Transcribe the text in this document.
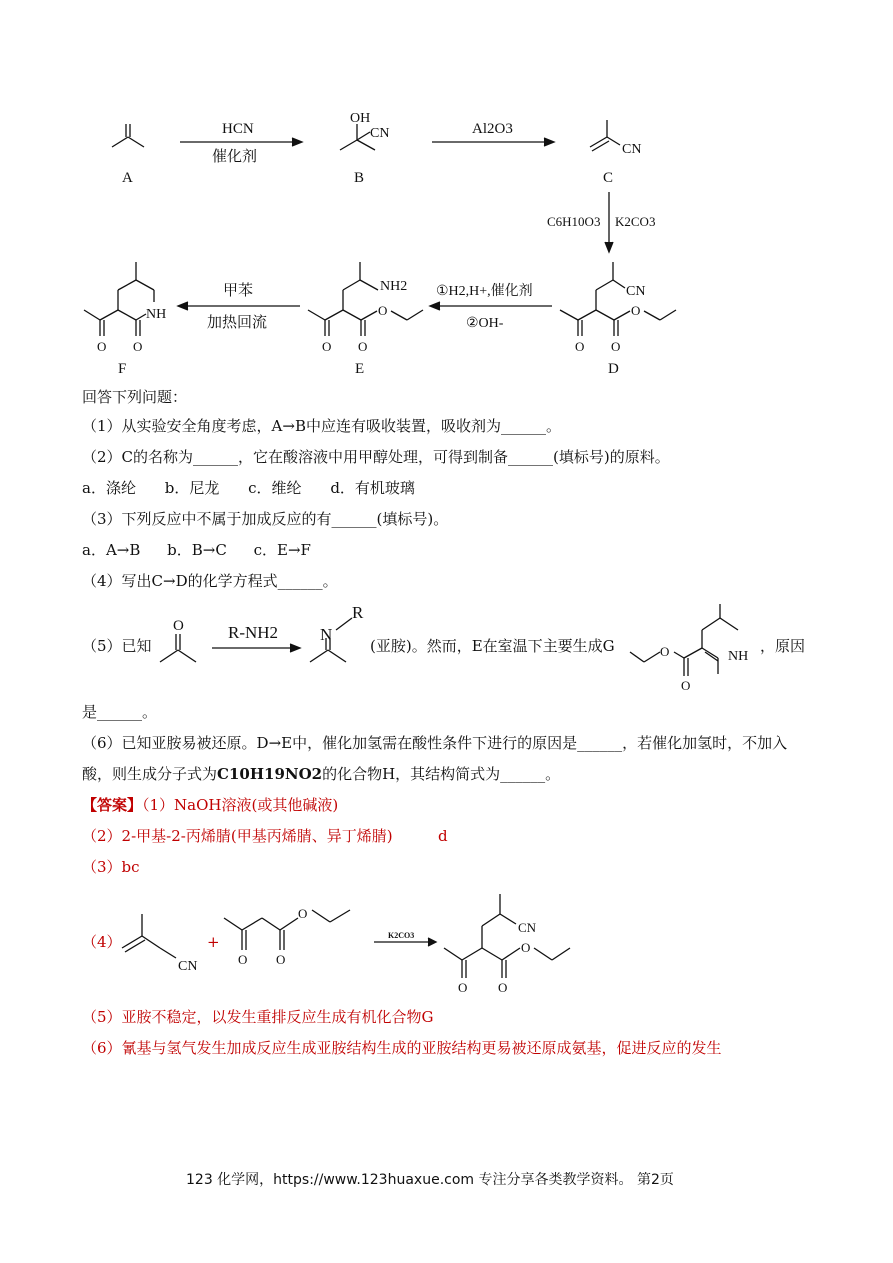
A
HCN
催化剂
OH
CN
B
Al2O3
CN
C
C6H10O3 K2CO3
CN
O O
O
D
①H2,H+,催化剂
②OH-
NH2
O O
O
E
甲苯
加热回流
NH
O O
F
回答下列问题：
（1）从实验安全角度考虑，A→B中应连有吸收装置，吸收剂为______。
（2）C的名称为______，它在酸溶液中用甲醇处理，可得到制备______(填标号)的原料。
a．涤纶 b．尼龙 c．维纶 d．有机玻璃
（3）下列反应中不属于加成反应的有______(填标号)。
a．A→B b．B→C c．E→F
（4）写出C→D的化学方程式______。
（5）已知
O	R-NH2 N
R
O
O
NH
(亚胺)。然而，E在室温下主要生成G	，原因
是______。
（6）已知亚胺易被还原。D→E中，催化加氢需在酸性条件下进行的原因是______，若催化加氢时，不加入
酸，则生成分子式为C10H19NO2的化合物H，其结构简式为______。
【答案】（1）NaOH溶液(或其他碱液)
（2）2-甲基-2-丙烯腈(甲基丙烯腈、异丁烯腈)	d
（3）bc
（4）	+
CN	O O
O
K2CO3
CN
O O
O
（5）亚胺不稳定，以发生重排反应生成有机化合物G
（6）氰基与氢气发生加成反应生成亚胺结构生成的亚胺结构更易被还原成氨基，促进反应的发生
123 化学网，https://www.123huaxue.com 专注分享各类教学资料。 第2页
